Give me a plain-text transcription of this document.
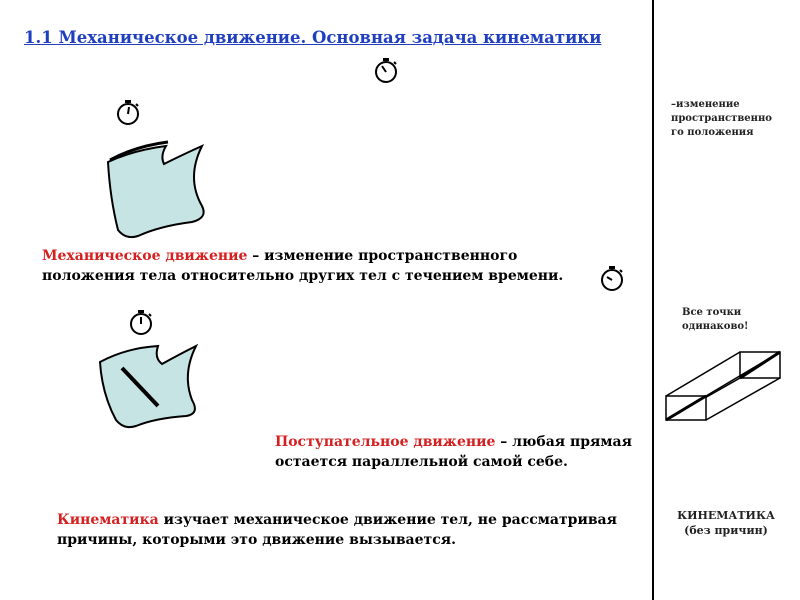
1.1 Механическое движение. Основная задача кинематики
Механическое движение – изменение пространственного
положения тела относительно других тел с течением времени.
Поступательное движение – любая прямая
остается параллельной самой себе.
Кинематика изучает механическое движение тел, не рассматривая
причины, которыми это движение вызывается.
–изменение
пространственно
го положения
Все точки
одинаково!
КИНЕМАТИКА
(без причин)
